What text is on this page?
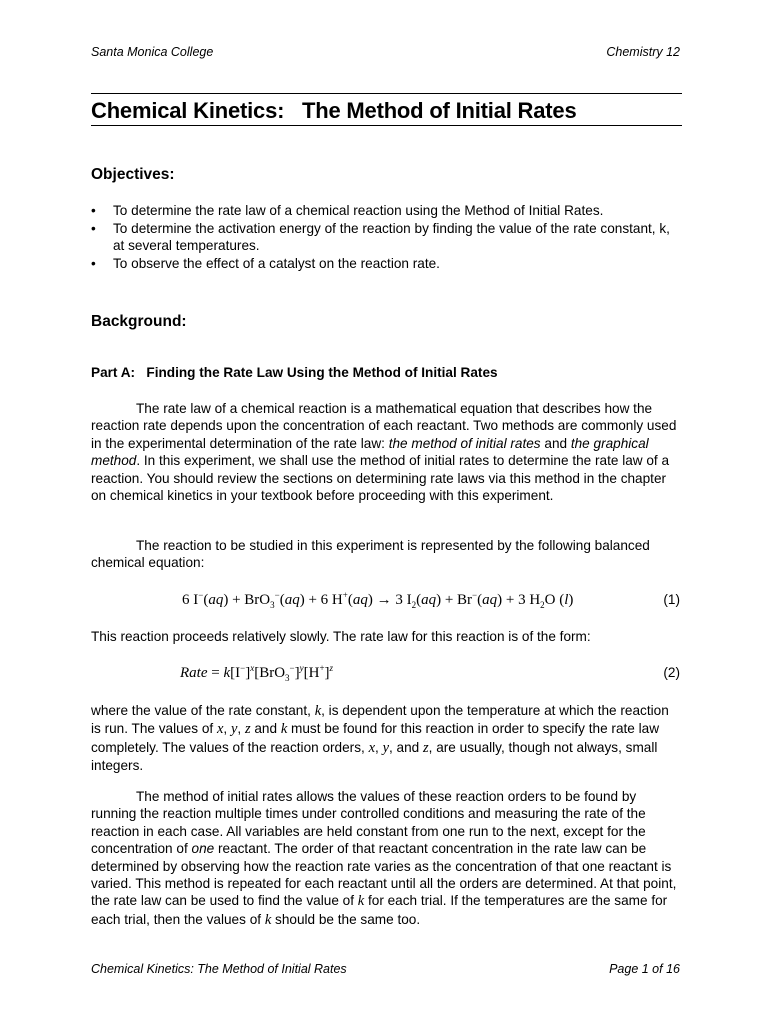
Santa Monica College	Chemistry 12
Chemical Kinetics:   The Method of Initial Rates
Objectives:
• To determine the rate law of a chemical reaction using the Method of Initial Rates.
• To determine the activation energy of the reaction by finding the value of the rate constant, k, at several temperatures.
• To observe the effect of a catalyst on the reaction rate.
Background:
Part A:   Finding the Rate Law Using the Method of Initial Rates

The rate law of a chemical reaction is a mathematical equation that describes how the reaction rate depends upon the concentration of each reactant. Two methods are commonly used in the experimental determination of the rate law: the method of initial rates and the graphical method. In this experiment, we shall use the method of initial rates to determine the rate law of a reaction. You should review the sections on determining rate laws via this method in the chapter on chemical kinetics in your textbook before proceeding with this experiment.

The reaction to be studied in this experiment is represented by the following balanced chemical equation:

6 I−(aq) + BrO$_3$−(aq) + 6 H+(aq) → 3 $I_2(aq) + Br^-(aq) + 3$ $H_2O$ (l)	(1)

This reaction proceeds relatively slowly. The rate law for this reaction is of the form:

Rate = $k[I^-]^x[BrO_3^-]^y[H^+]^z$	(2)

where the value of the rate constant, k, is dependent upon the temperature at which the reaction is run. The values of x, y, z and k must be found for this reaction in order to specify the rate law completely. The values of the reaction orders, x, y, and z, are usually, though not always, small integers.

The method of initial rates allows the values of these reaction orders to be found by running the reaction multiple times under controlled conditions and measuring the rate of the reaction in each case. All variables are held constant from one run to the next, except for the concentration of one reactant. The order of that reactant concentration in the rate law can be determined by observing how the reaction rate varies as the concentration of that one reactant is varied. This method is repeated for each reactant until all the orders are determined. At that point, the rate law can be used to find the value of k for each trial. If the temperatures are the same for each trial, then the values of k should be the same too.

Chemical Kinetics: The Method of Initial Rates	Page 1 of 16
